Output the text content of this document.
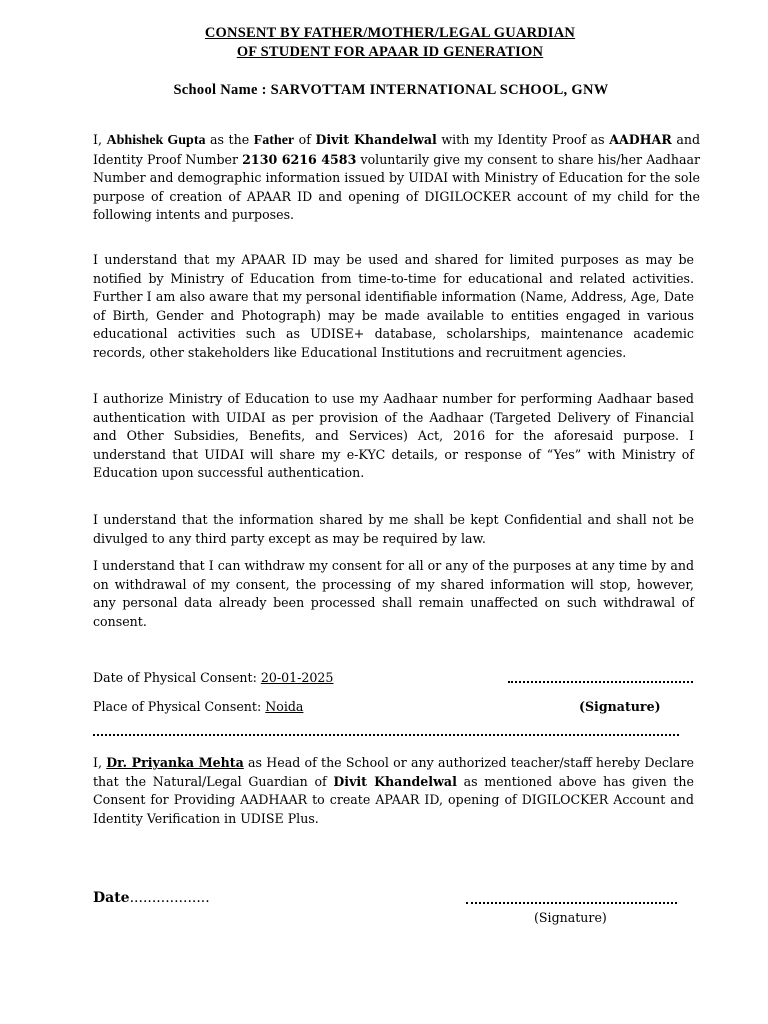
CONSENT BY FATHER/MOTHER/LEGAL GUARDIAN
OF STUDENT FOR APAAR ID GENERATION
School Name : SARVOTTAM INTERNATIONAL SCHOOL, GNW

I, Abhishek Gupta as the Father of Divit Khandelwal with my Identity Proof as AADHAR and Identity Proof Number 2130 6216 4583 voluntarily give my consent to share his/her Aadhaar Number and demographic information issued by UIDAI with Ministry of Education for the sole purpose of creation of APAAR ID and opening of DIGILOCKER account of my child for the following intents and purposes.

I understand that my APAAR ID may be used and shared for limited purposes as may be notified by Ministry of Education from time-to-time for educational and related activities. Further I am also aware that my personal identifiable information (Name, Address, Age, Date of Birth, Gender and Photograph) may be made available to entities engaged in various educational activities such as UDISE+ database, scholarships, maintenance academic records, other stakeholders like Educational Institutions and recruitment agencies.

I authorize Ministry of Education to use my Aadhaar number for performing Aadhaar based authentication with UIDAI as per provision of the Aadhaar (Targeted Delivery of Financial and Other Subsidies, Benefits, and Services) Act, 2016 for the aforesaid purpose. I understand that UIDAI will share my e-KYC details, or response of “Yes” with Ministry of Education upon successful authentication.

I understand that the information shared by me shall be kept Confidential and shall not be divulged to any third party except as may be required by law.

I understand that I can withdraw my consent for all or any of the purposes at any time by and on withdrawal of my consent, the processing of my shared information will stop, however, any personal data already been processed shall remain unaffected on such withdrawal of consent.

Date of Physical Consent: 20-01-2025
Place of Physical Consent: Noida	(Signature)

I, Dr. Priyanka Mehta as Head of the School or any authorized teacher/staff hereby Declare that the Natural/Legal Guardian of Divit Khandelwal as mentioned above has given the Consent for Providing AADHAAR to create APAAR ID, opening of DIGILOCKER Account and Identity Verification in UDISE Plus.

Date..................
(Signature)
